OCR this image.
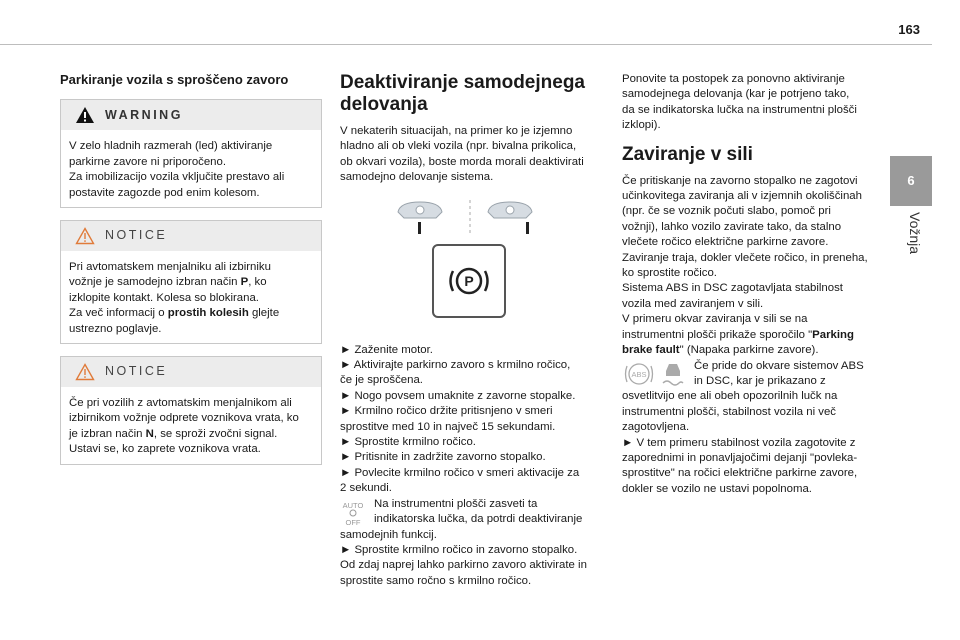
163
6
Vožnja
Parkiranje vozila s sproščeno zavoro
WARNING
V zelo hladnih razmerah (led) aktiviranje
parkirne zavore ni priporočeno.
Za imobilizacijo vozila vključite prestavo ali
postavite zagozde pod enim kolesom.
NOTICE
Pri avtomatskem menjalniku ali izbirniku
vožnje je samodejno izbran način P, ko
izklopite kontakt. Kolesa so blokirana.
Za več informacij o prostih kolesih glejte
ustrezno poglavje.
NOTICE
Če pri vozilih z avtomatskim menjalnikom ali
izbirnikom vožnje odprete voznikova vrata, ko
je izbran način N, se sproži zvočni signal.
Ustavi se, ko zaprete voznikova vrata.
Deaktiviranje samodejnega
delovanja

V nekaterih situacijah, na primer ko je izjemno
hladno ali ob vleki vozila (npr. bivalna prikolica,
ob okvari vozila), boste morda morali deaktivirati
samodejno delovanje sistema.

P

► Zaženite motor.
► Aktivirajte parkirno zavoro s krmilno ročico,
če je sproščena.
► Nogo povsem umaknite z zavorne stopalke.
► Krmilno ročico držite pritisnjeno v smeri
sprostitve med 10 in največ 15 sekundami.
► Sprostite krmilno ročico.
► Pritisnite in zadržite zavorno stopalko.
► Povlecite krmilno ročico v smeri aktivacije za
2 sekundi.

AUTO
OFF
Na instrumentni plošči zasveti ta
indikatorska lučka, da potrdi deaktiviranje

samodejnih funkcij.
► Sprostite krmilno ročico in zavorno stopalko.
Od zdaj naprej lahko parkirno zavoro aktivirate in
sprostite samo ročno s krmilno ročico.

Ponovite ta postopek za ponovno aktiviranje
samodejnega delovanja (kar je potrjeno tako,
da se indikatorska lučka na instrumentni plošči
izklopi).

Zaviranje v sili

Če pritiskanje na zavorno stopalko ne zagotovi
učinkovitega zaviranja ali v izjemnih okoliščinah
(npr. če se voznik počuti slabo, pomoč pri
vožnji), lahko vozilo zavirate tako, da stalno
vlečete ročico električne parkirne zavore.
Zaviranje traja, dokler vlečete ročico, in preneha,
ko sprostite ročico.
Sistema ABS in DSC zagotavljata stabilnost
vozila med zaviranjem v sili.
V primeru okvar zaviranja v sili se na
instrumentni plošči prikaže sporočilo "Parking
brake fault" (Napaka parkirne zavore).

ABS
Če pride do okvare sistemov ABS
in DSC, kar je prikazano z

osvetlitvijo ene ali obeh opozorilnih lučk na
instrumentni plošči, stabilnost vozila ni več
zagotovljena.
► V tem primeru stabilnost vozila zagotovite z
zaporednimi in ponavljajočimi dejanji "povleka-
sprostitve" na ročici električne parkirne zavore,
dokler se vozilo ne ustavi popolnoma.
